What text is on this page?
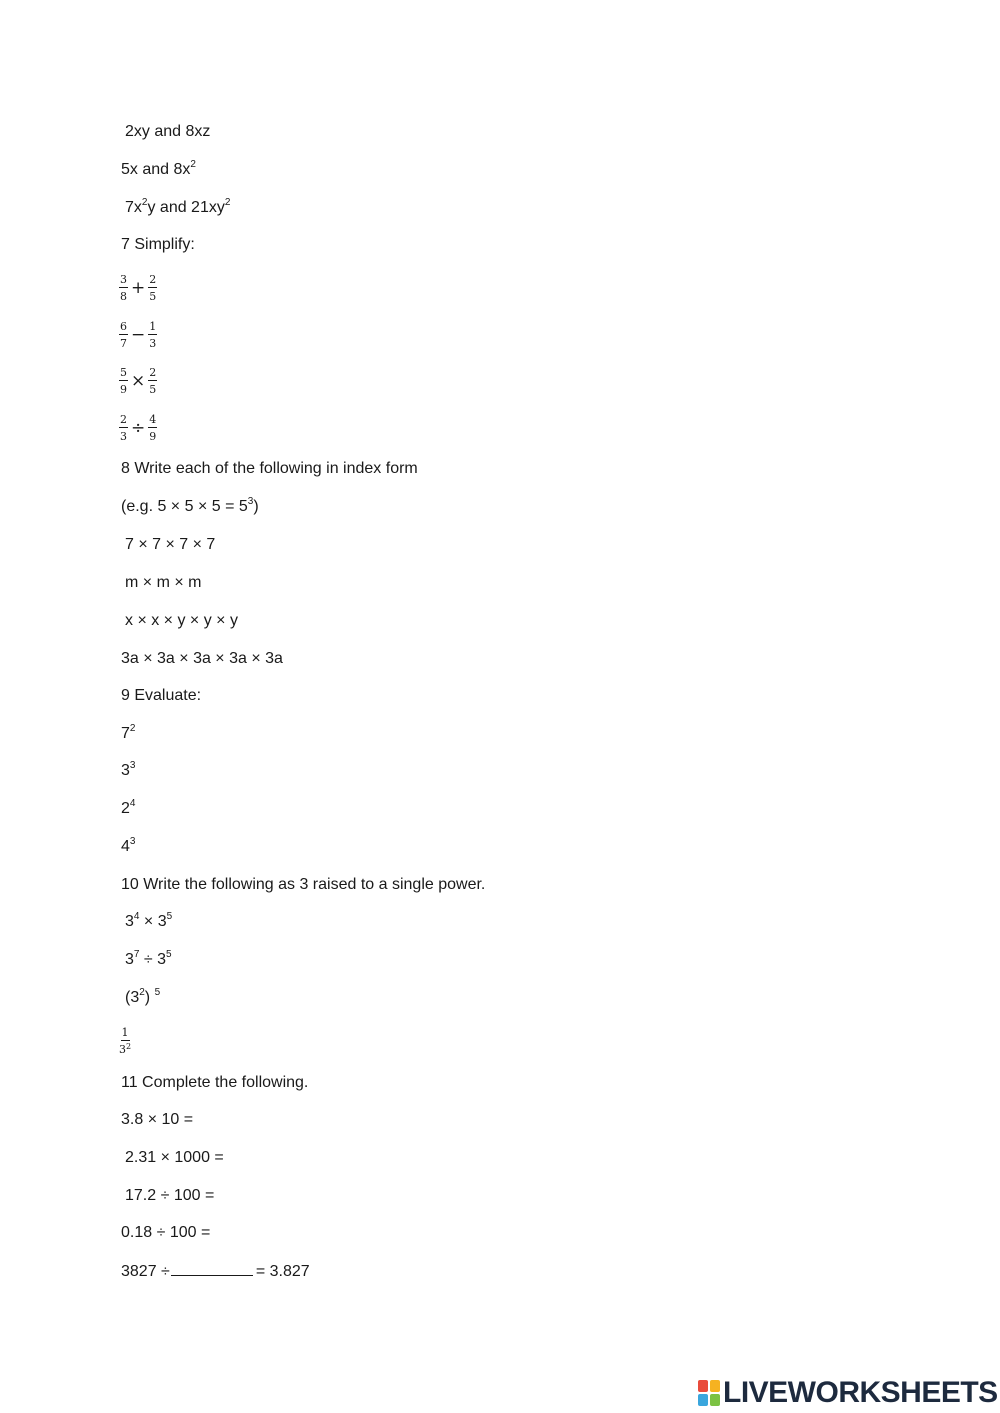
2xy and 8xz
5x and $8x^2$
$7x^2y$ and $21xy^2$
7 Simplify:
$\frac{3}{8} + \frac{2}{5}$
$\frac{6}{7} - \frac{1}{3}$
$\frac{5}{9} \times \frac{2}{5}$
$\frac{2}{3} \div \frac{4}{9}$
8 Write each of the following in index form
(e.g. $5 \times 5 \times 5 = 5^3$)
7 × 7 × 7 × 7
m × m × m
x × x × y × y × y
3a × 3a × 3a × 3a × 3a
9 Evaluate:
$7^2$
$3^3$
$2^4$
$4^3$
10 Write the following as 3 raised to a single power.
$3^4 \times 3^5$
$3^7 \div 3^5$
$(3^2)$ $^5$
$\frac{1}{3^2}$
11 Complete the following.
3.8 × 10 =
2.31 × 1000 =
17.2 ÷ 100 =
0.18 ÷ 100 =
3827 ÷	= 3.827
LIVEWORKSHEETS
